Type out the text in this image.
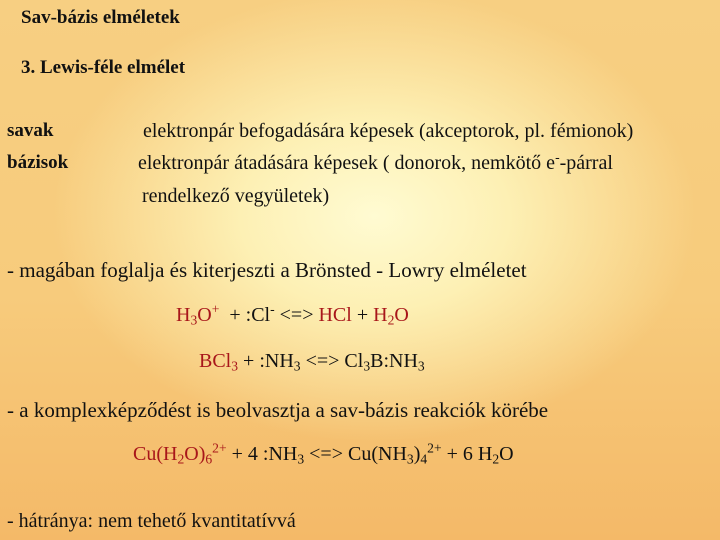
Sav-bázis elméletek
3. Lewis-féle elmélet
savak	elektronpár befogadására képesek (akceptorok, pl. fémionok)
bázisok	elektronpár átadására képesek ( donorok, nemkötő e--párral
rendelkező vegyületek)
- magában foglalja és kiterjeszti a Brönsted - Lowry elméletet
$H_3O^+$  + :Cl- <=> HCl + $H_2O$
$BCl_3 + :NH_3$ <=> $Cl_3B:NH_3$
- a komplexképződést is beolvasztja a sav-bázis reakciók körébe
$Cu(H_2O)_6^{2+} + 4$ $:NH_3$ <=> $Cu(NH_3)_4^{2+} + 6$ $H_2O$
- hátránya: nem tehető kvantitatívvá
